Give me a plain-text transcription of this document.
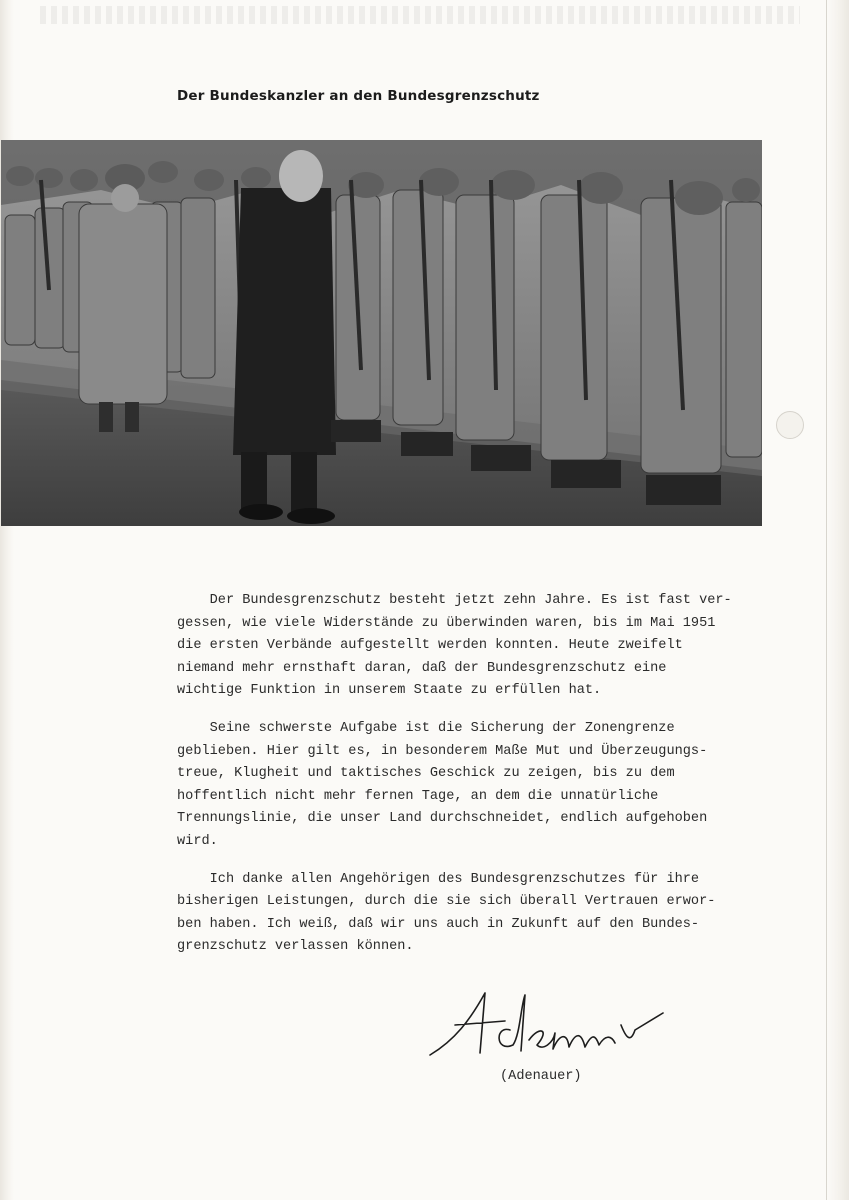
Der Bundeskanzler an den Bundesgrenzschutz

Der Bundesgrenzschutz besteht jetzt zehn Jahre. Es ist fast ver-
gessen, wie viele Widerstände zu überwinden waren, bis im Mai 1951
die ersten Verbände aufgestellt werden konnten. Heute zweifelt
niemand mehr ernsthaft daran, daß der Bundesgrenzschutz eine
wichtige Funktion in unserem Staate zu erfüllen hat.

Seine schwerste Aufgabe ist die Sicherung der Zonengrenze
geblieben. Hier gilt es, in besonderem Maße Mut und Überzeugungs-
treue, Klugheit und taktisches Geschick zu zeigen, bis zu dem
hoffentlich nicht mehr fernen Tage, an dem die unnatürliche
Trennungslinie, die unser Land durchschneidet, endlich aufgehoben
wird.

Ich danke allen Angehörigen des Bundesgrenzschutzes für ihre
bisherigen Leistungen, durch die sie sich überall Vertrauen erwor-
ben haben. Ich weiß, daß wir uns auch in Zukunft auf den Bundes-
grenzschutz verlassen können.

(Adenauer)
